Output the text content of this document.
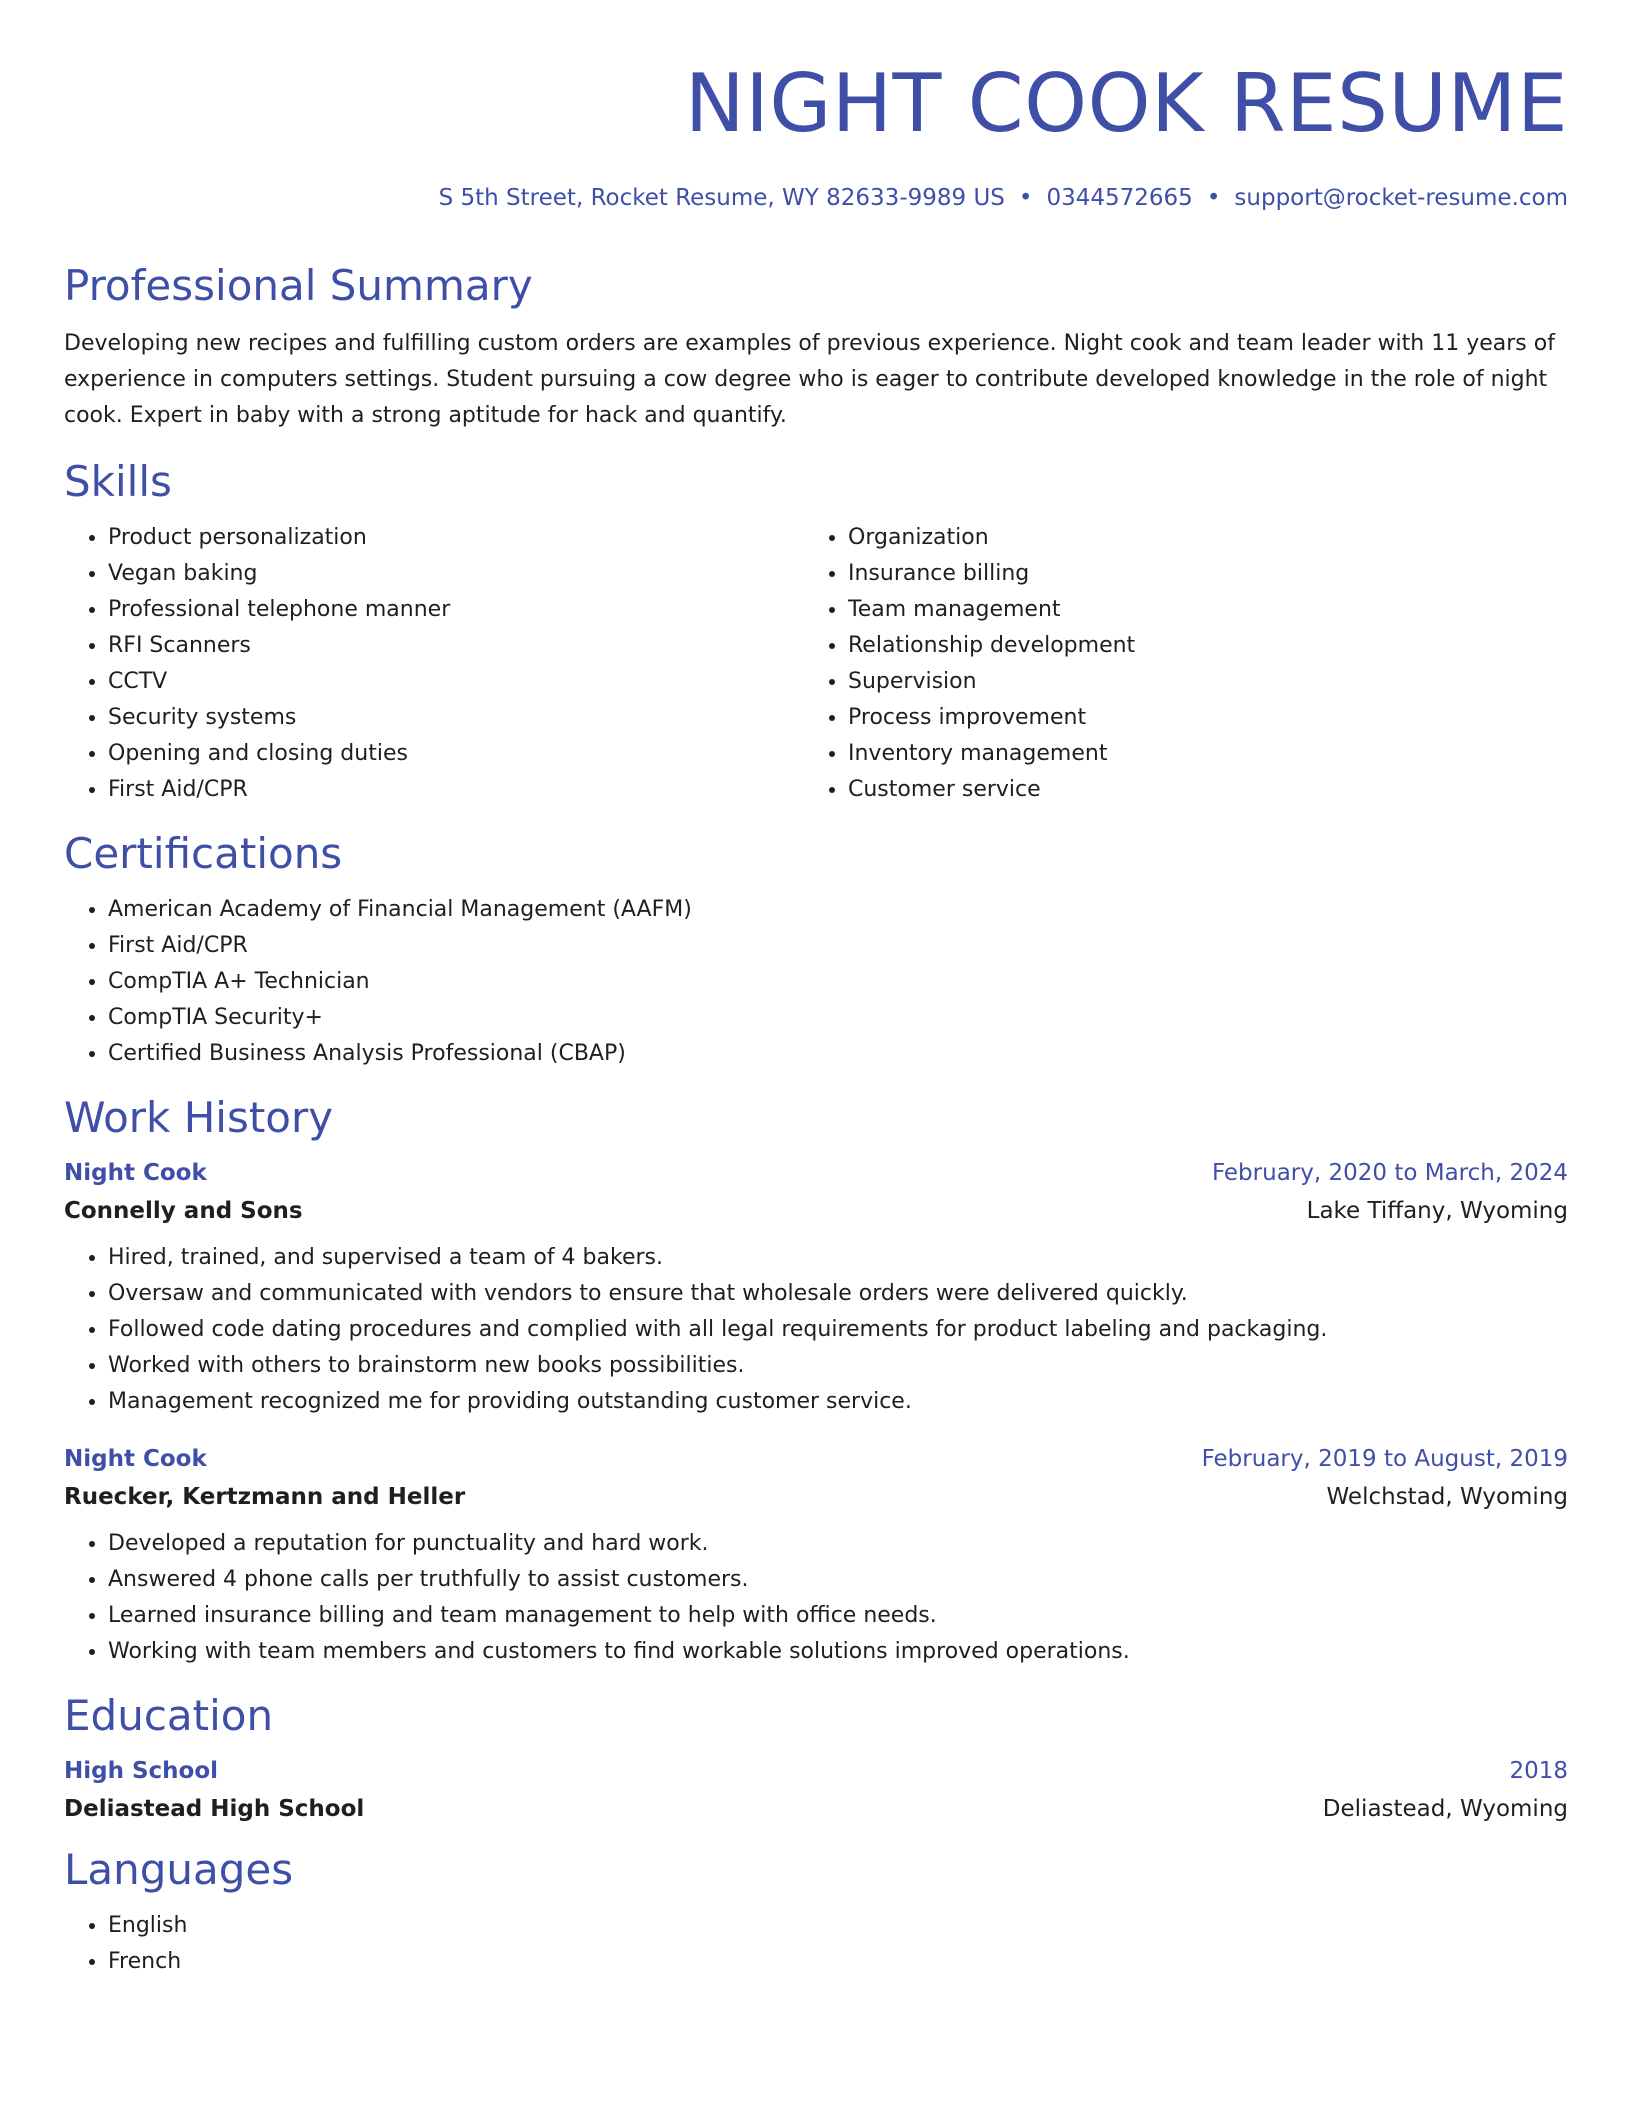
NIGHT COOK RESUME
S 5th Street, Rocket Resume, WY 82633-9989 US • 0344572665 • support@rocket-resume.com
Professional Summary

Developing new recipes and fulfilling custom orders are examples of previous experience. Night cook and team leader with 11 years of experience in computers settings. Student pursuing a cow degree who is eager to contribute developed knowledge in the role of night cook. Expert in baby with a strong aptitude for hack and quantify.

Skills
• Product personalization
• Vegan baking
• Professional telephone manner
• RFI Scanners
• CCTV
• Security systems
• Opening and closing duties
• First Aid/CPR
• Organization
• Insurance billing
• Team management
• Relationship development
• Supervision
• Process improvement
• Inventory management
• Customer service
Certifications
• American Academy of Financial Management (AAFM)
• First Aid/CPR
• CompTIA A+ Technician
• CompTIA Security+
• Certified Business Analysis Professional (CBAP)
Work History
Night Cook	February, 2020 to March, 2024
Connelly and Sons	Lake Tiffany, Wyoming
• Hired, trained, and supervised a team of 4 bakers.
• Oversaw and communicated with vendors to ensure that wholesale orders were delivered quickly.
• Followed code dating procedures and complied with all legal requirements for product labeling and packaging.
• Worked with others to brainstorm new books possibilities.
• Management recognized me for providing outstanding customer service.
Night Cook	February, 2019 to August, 2019
Ruecker, Kertzmann and Heller	Welchstad, Wyoming
• Developed a reputation for punctuality and hard work.
• Answered 4 phone calls per truthfully to assist customers.
• Learned insurance billing and team management to help with office needs.
• Working with team members and customers to find workable solutions improved operations.
Education
High School	2018
Deliastead High School	Deliastead, Wyoming
Languages
• English
• French
